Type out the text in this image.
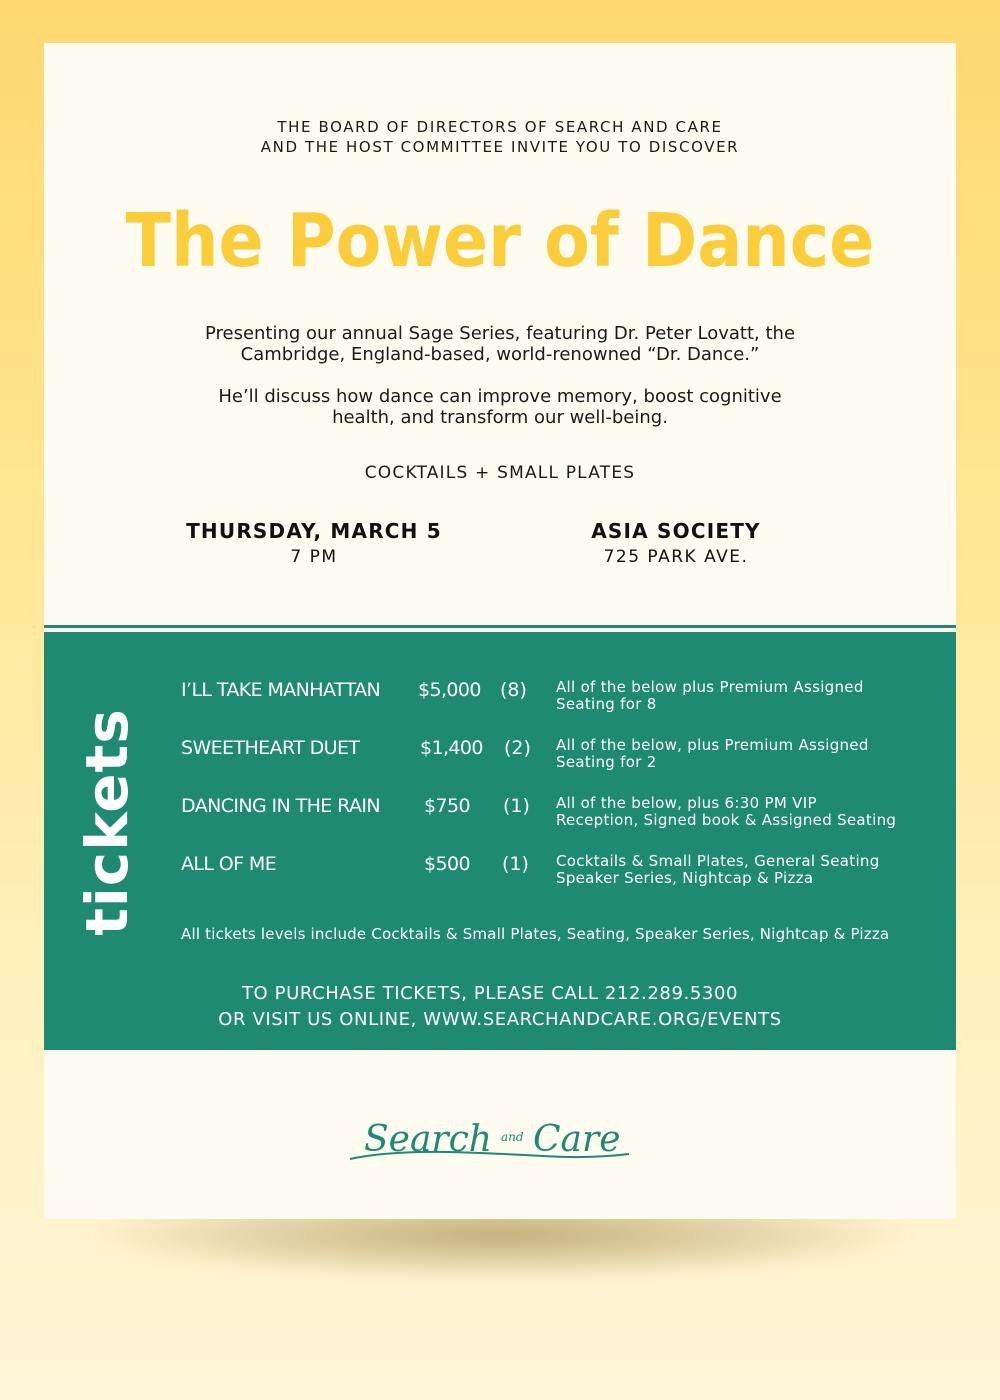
THE BOARD OF DIRECTORS OF SEARCH AND CARE
AND THE HOST COMMITTEE INVITE YOU TO DISCOVER
The Power of Dance
Presenting our annual Sage Series, featuring Dr. Peter Lovatt, the
Cambridge, England-based, world-renowned “Dr. Dance.”
He’ll discuss how dance can improve memory, boost cognitive
health, and transform our well-being.
COCKTAILS + SMALL PLATES
THURSDAY, MARCH 5
7 PM
ASIA SOCIETY
725 PARK AVE.
tickets
I’LL TAKE MANHATTAN $5,000 (8) All of the below plus Premium Assigned
Seating for 8
SWEETHEART DUET	$1,400 (2) All of the below, plus Premium Assigned
Seating for 2
DANCING IN THE RAIN $750 (1) All of the below, plus 6:30 PM VIP
Reception, Signed book & Assigned Seating
ALL OF ME	$500 (1) Cocktails & Small Plates, General Seating
Speaker Series, Nightcap & Pizza
All tickets levels include Cocktails & Small Plates, Seating, Speaker Series, Nightcap & Pizza
TO PURCHASE TICKETS, PLEASE CALL 212.289.5300
OR VISIT US ONLINE, WWW.SEARCHANDCARE.ORG/EVENTS
Search and Care
